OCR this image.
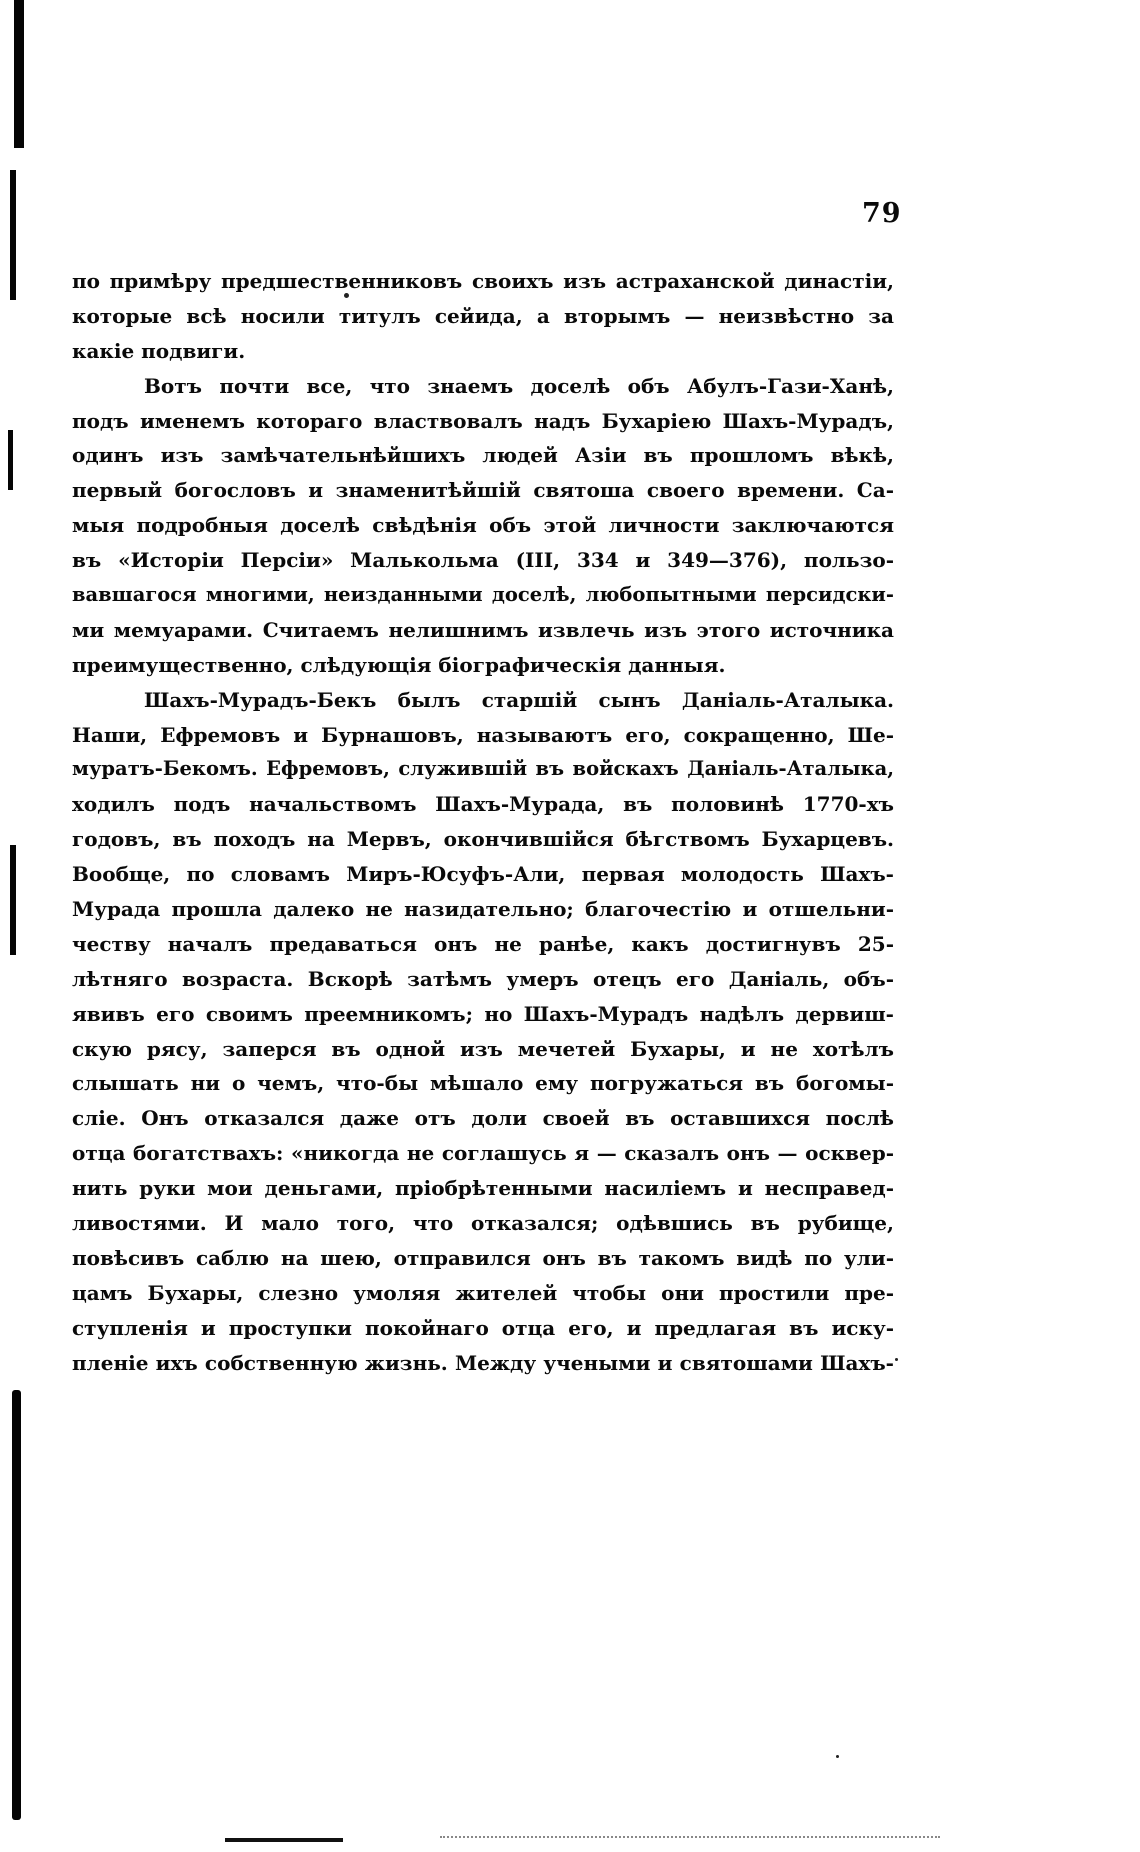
79
по примѣру предшественниковъ своихъ изъ астраханской династіи,
которые всѣ носили титулъ сейида, а вторымъ — неизвѣстно за
какіе подвиги.
Вотъ почти все, что знаемъ доселѣ объ Абулъ-Гази-Ханѣ,
подъ именемъ котораго властвовалъ надъ Бухаріею Шахъ-Мурадъ,
одинъ изъ замѣчательнѣйшихъ людей Азіи въ прошломъ вѣкѣ,
первый богословъ и знаменитѣйшій святоша своего времени. Са-
мыя подробныя доселѣ свѣдѣнія объ этой личности заключаются
въ «Исторіи Персіи» Малькольма (III, 334 и 349—376), пользо-
вавшагося многими, неизданными доселѣ, любопытными персидски-
ми мемуарами. Считаемъ нелишнимъ извлечь изъ этого источника
преимущественно, слѣдующія біографическія данныя.
Шахъ-Мурадъ-Бекъ былъ старшій сынъ Даніаль-Аталыка.
Наши, Ефремовъ и Бурнашовъ, называютъ его, сокращенно, Ше-
муратъ-Бекомъ. Ефремовъ, служившій въ войскахъ Даніаль-Аталыка,
ходилъ подъ начальствомъ Шахъ-Мурада, въ половинѣ 1770-хъ
годовъ, въ походъ на Мервъ, окончившійся бѣгствомъ Бухарцевъ.
Вообще, по словамъ Миръ-Юсуфъ-Али, первая молодость Шахъ-
Мурада прошла далеко не назидательно; благочестію и отшельни-
честву началъ предаваться онъ не ранѣе, какъ достигнувъ 25-
лѣтняго возраста. Вскорѣ затѣмъ умеръ отецъ его Даніаль, объ-
явивъ его своимъ преемникомъ; но Шахъ-Мурадъ надѣлъ дервиш-
скую рясу, заперся въ одной изъ мечетей Бухары, и не хотѣлъ
слышать ни о чемъ, что-бы мѣшало ему погружаться въ богомы-
сліе. Онъ отказался даже отъ доли своей въ оставшихся послѣ
отца богатствахъ: «никогда не соглашусь я — сказалъ онъ — осквер-
нить руки мои деньгами, пріобрѣтенными насиліемъ и несправед-
ливостями. И мало того, что отказался; одѣвшись въ рубище,
повѣсивъ саблю на шею, отправился онъ въ такомъ видѣ по ули-
цамъ Бухары, слезно умоляя жителей чтобы они простили пре-
ступленія и проступки покойнаго отца его, и предлагая въ иску-
пленіе ихъ собственную жизнь. Между учеными и святошами Шахъ-
